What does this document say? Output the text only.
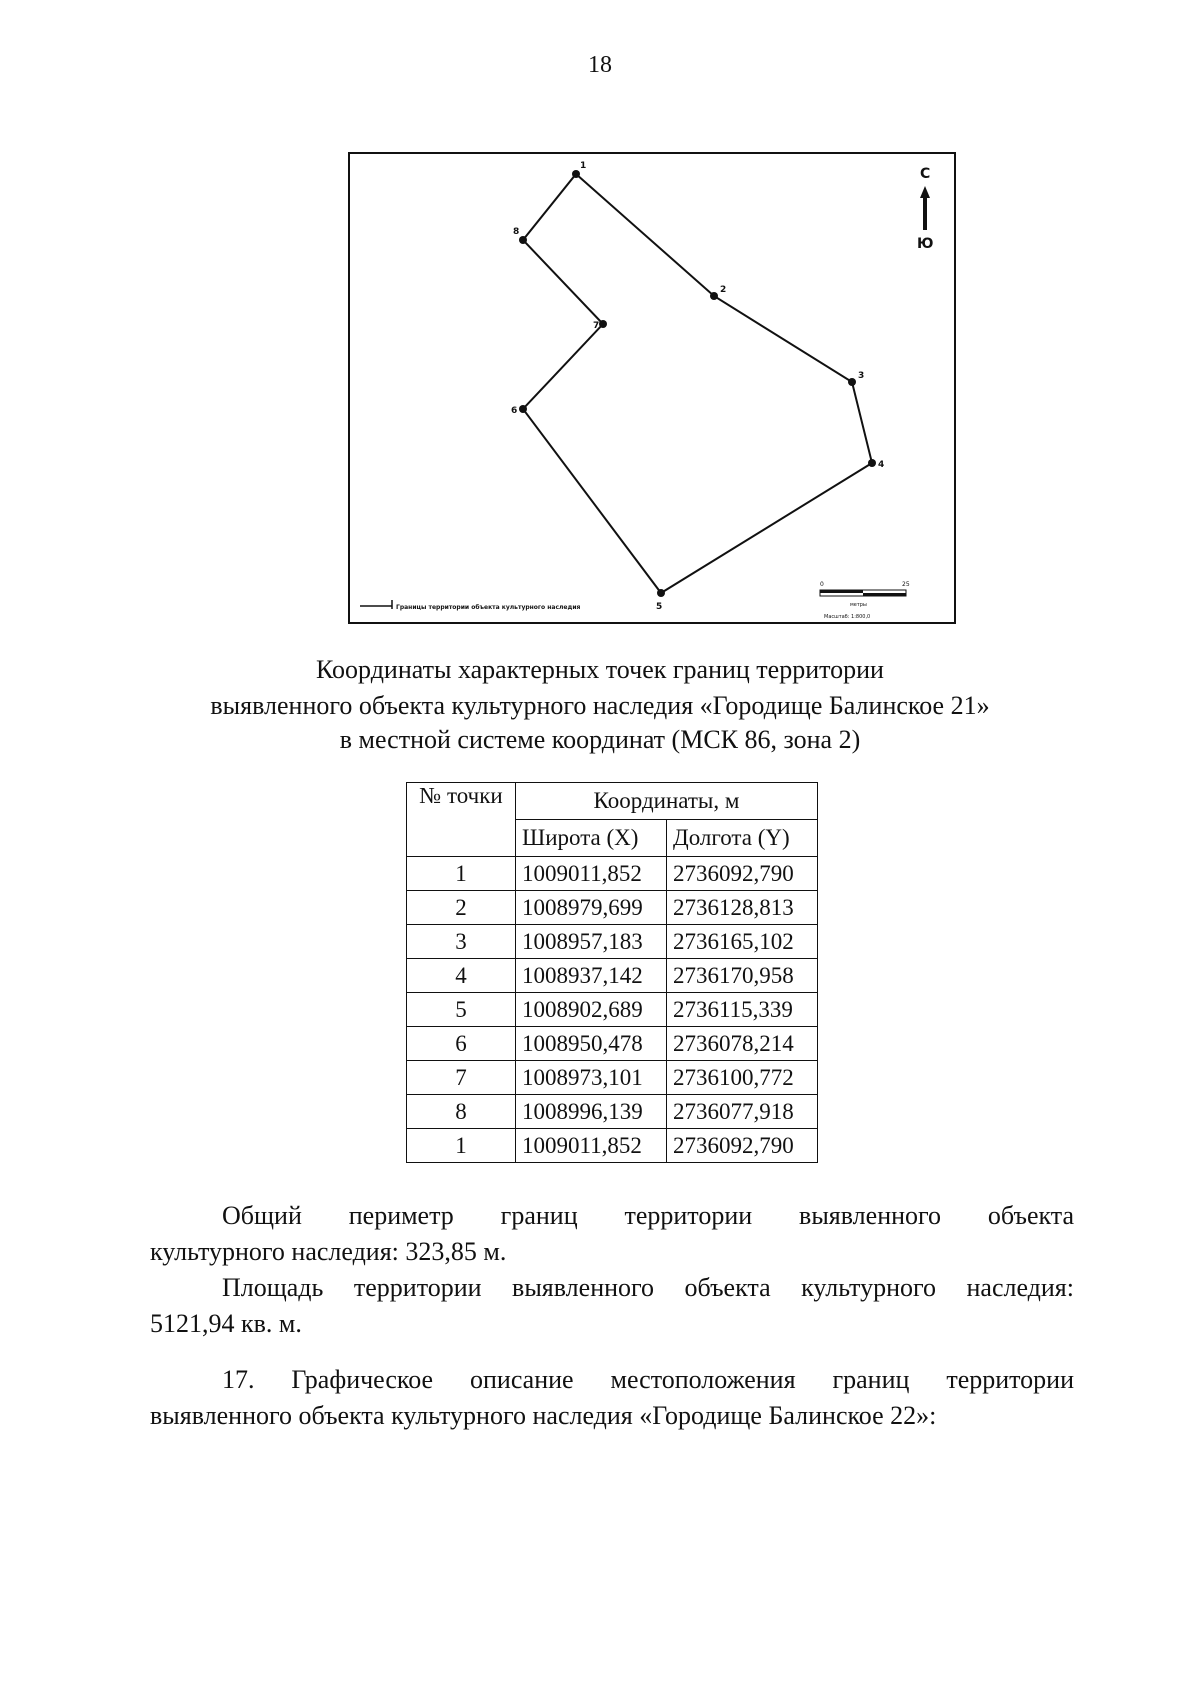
18
1
2
3
4
5
6
7
8
С
Ю
Границы территории объекта культурного наследия
0	25
метры
Масштаб: 1:800,0
Координаты характерных точек границ территории
выявленного объекта культурного наследия «Городище Балинское 21»
в местной системе координат (МСК 86, зона 2)
№ точки	Координаты, м	
	Широта (X)	Долгота (Y)
1	1009011,852	2736092,790
2	1008979,699	2736128,813
3	1008957,183	2736165,102
4	1008937,142	2736170,958
5	1008902,689	2736115,339
6	1008950,478	2736078,214
7	1008973,101	2736100,772
8	1008996,139	2736077,918
1	1009011,852	2736092,790
Общий периметр границ территории выявленного объекта
культурного наследия: 323,85 м.
Площадь территории выявленного объекта культурного наследия:
5121,94 кв. м.
17. Графическое описание местоположения границ территории
выявленного объекта культурного наследия «Городище Балинское 22»:
